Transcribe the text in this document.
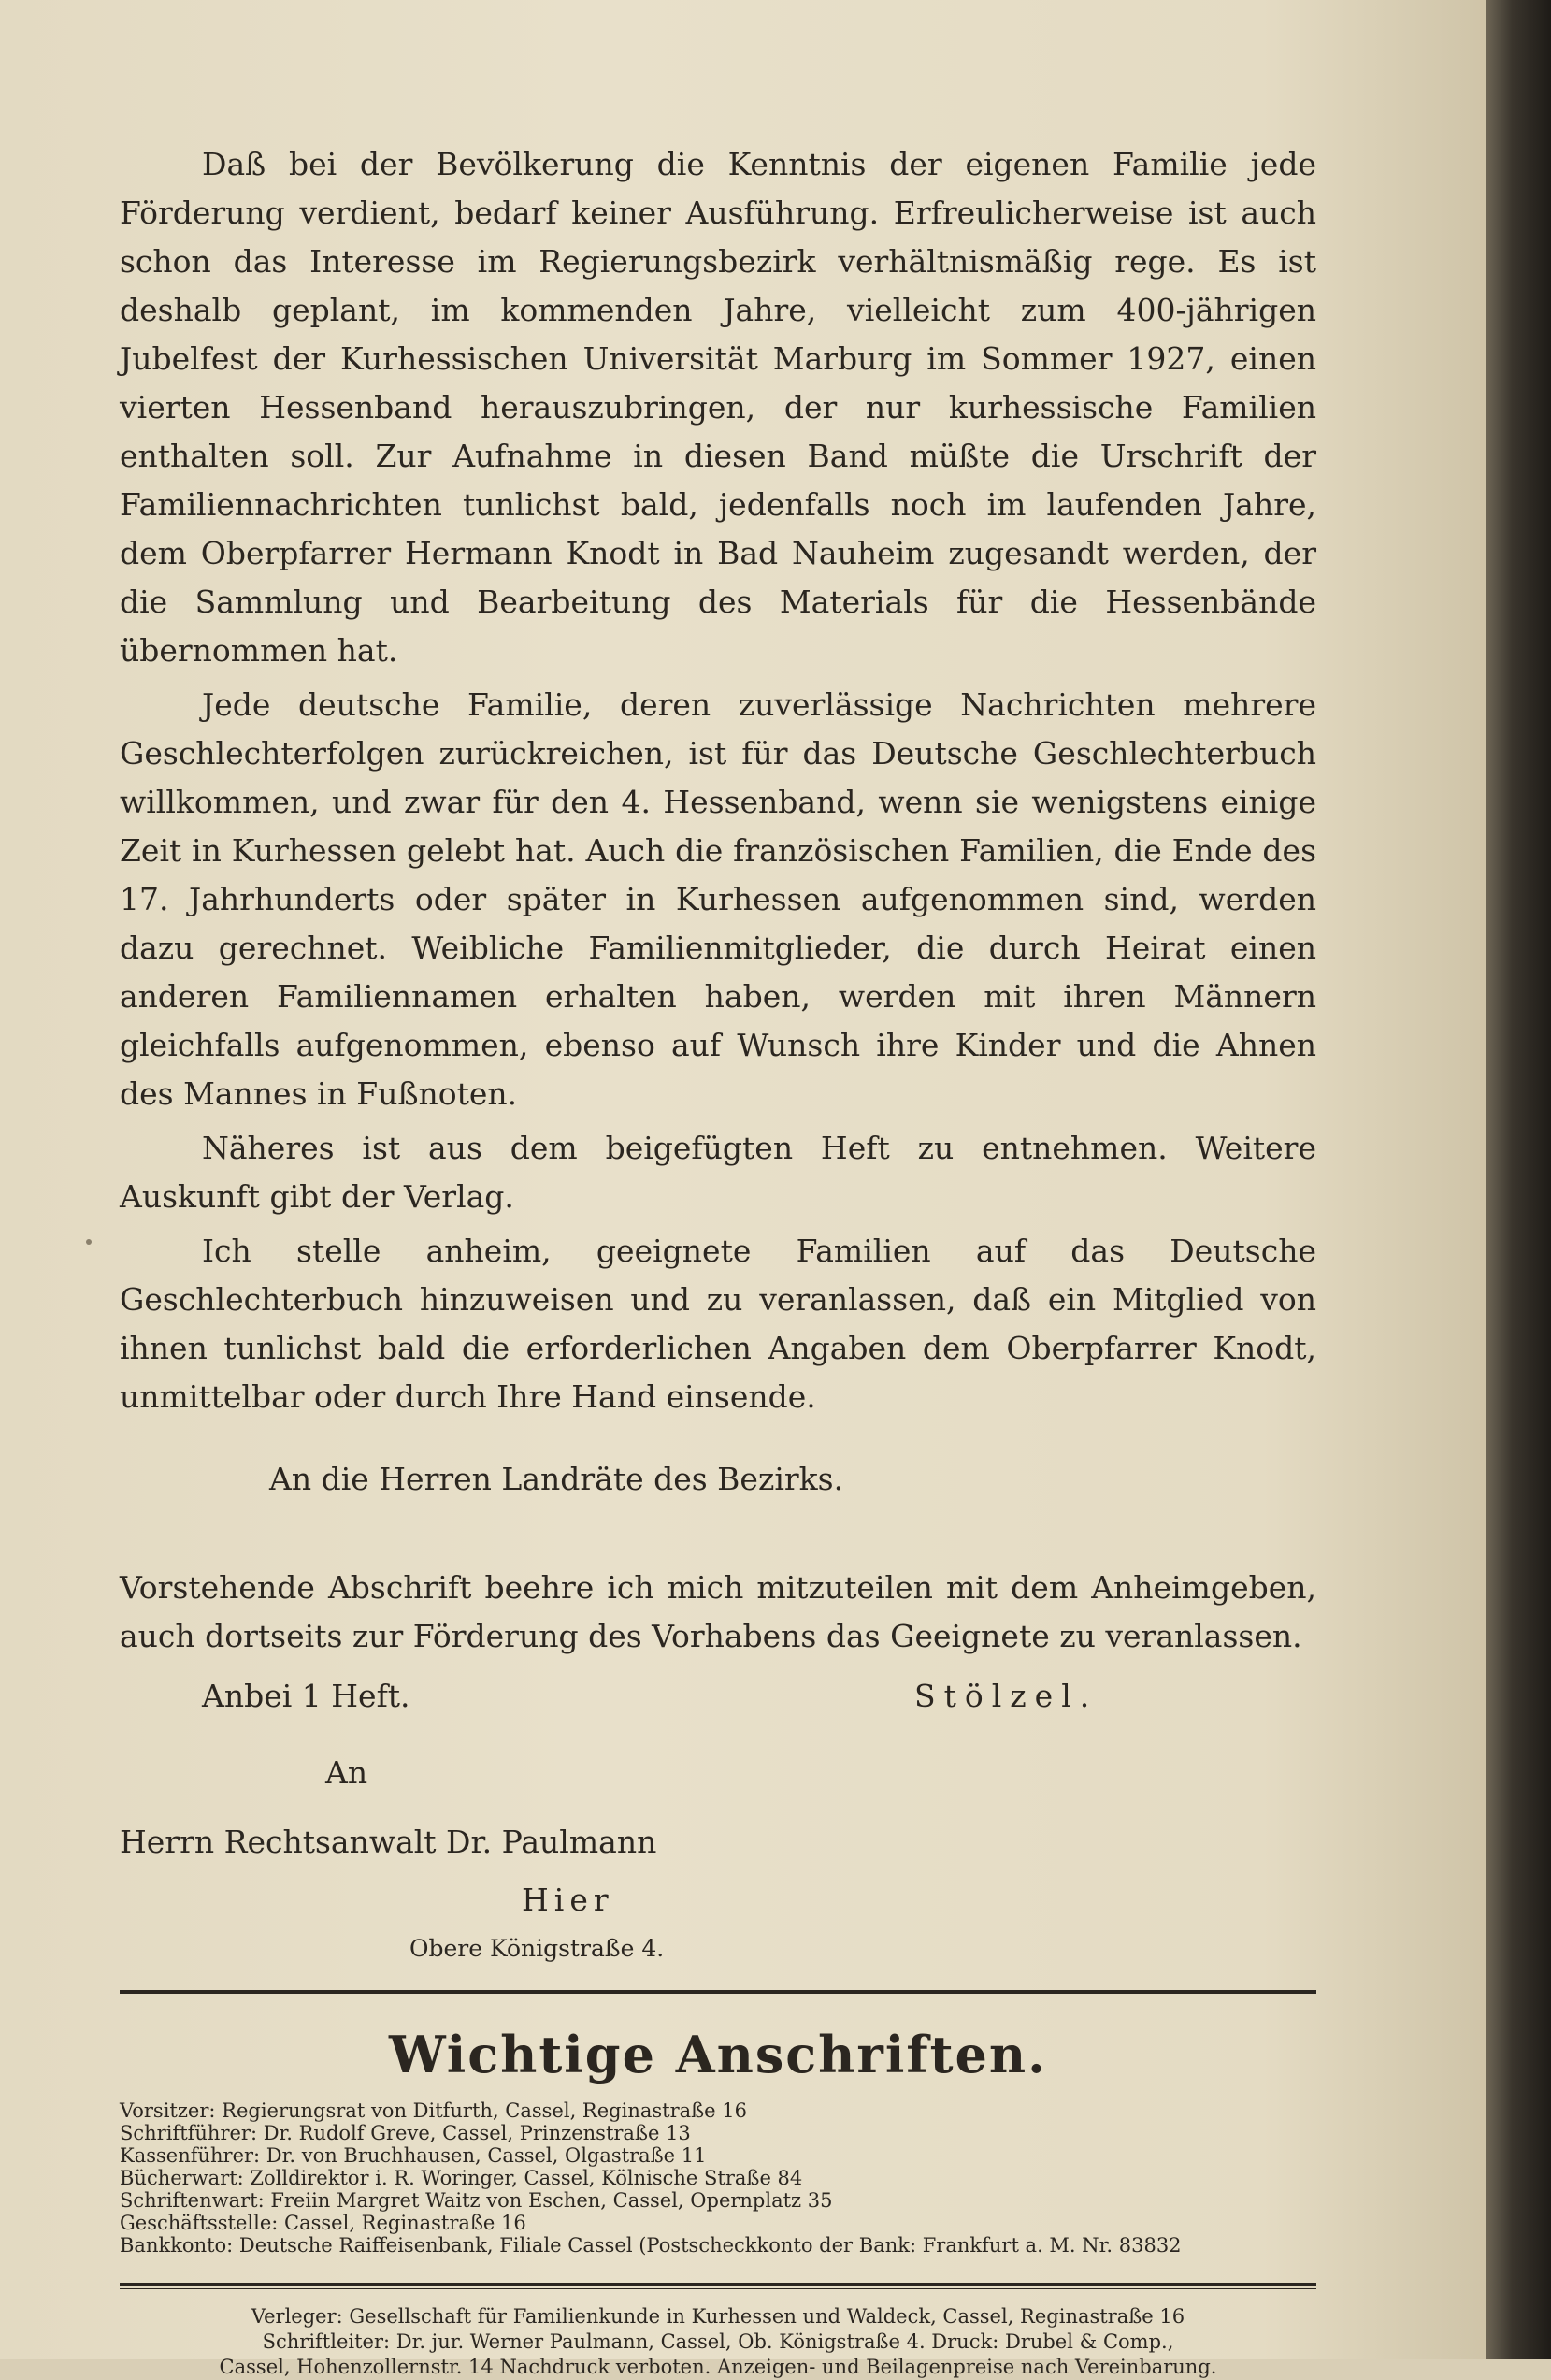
Daß bei der Bevölkerung die Kenntnis der eigenen Familie jede Förderung verdient, bedarf keiner Ausführung. Erfreulicherweise ist auch schon das Interesse im Regierungsbezirk verhältnismäßig rege. Es ist deshalb geplant, im kommenden Jahre, vielleicht zum 400-jährigen Jubelfest der Kurhessischen Universität Marburg im Sommer 1927, einen vierten Hessenband herauszubringen, der nur kurhessische Familien enthalten soll. Zur Aufnahme in diesen Band müßte die Urschrift der Familiennachrichten tunlichst bald, jedenfalls noch im laufenden Jahre, dem Oberpfarrer Hermann Knodt in Bad Nauheim zugesandt werden, der die Sammlung und Bearbeitung des Materials für die Hessenbände übernommen hat.

Jede deutsche Familie, deren zuverlässige Nachrichten mehrere Geschlechterfolgen zurückreichen, ist für das Deutsche Geschlechterbuch willkommen, und zwar für den 4. Hessenband, wenn sie wenigstens einige Zeit in Kurhessen gelebt hat. Auch die französischen Familien, die Ende des 17. Jahrhunderts oder später in Kurhessen aufgenommen sind, werden dazu gerechnet. Weibliche Familienmitglieder, die durch Heirat einen anderen Familiennamen erhalten haben, werden mit ihren Männern gleichfalls aufgenommen, ebenso auf Wunsch ihre Kinder und die Ahnen des Mannes in Fußnoten.

Näheres ist aus dem beigefügten Heft zu entnehmen. Weitere Auskunft gibt der Verlag.

Ich stelle anheim, geeignete Familien auf das Deutsche Geschlechterbuch hinzuweisen und zu veranlassen, daß ein Mitglied von ihnen tunlichst bald die erforderlichen Angaben dem Oberpfarrer Knodt, unmittelbar oder durch Ihre Hand einsende.

An die Herren Landräte des Bezirks.

Vorstehende Abschrift beehre ich mich mitzuteilen mit dem Anheimgeben, auch dortseits zur Förderung des Vorhabens das Geeignete zu veranlassen.

Anbei 1 Heft.	Stölzel.
An
Herrn Rechtsanwalt Dr. Paulmann
Hier
Obere Königstraße 4.
Wichtige Anschriften.
Vorsitzer: Regierungsrat von Ditfurth, Cassel, Reginastraße 16
Schriftführer: Dr. Rudolf Greve, Cassel, Prinzenstraße 13
Kassenführer: Dr. von Bruchhausen, Cassel, Olgastraße 11
Bücherwart: Zolldirektor i. R. Woringer, Cassel, Kölnische Straße 84
Schriftenwart: Freiin Margret Waitz von Eschen, Cassel, Opernplatz 35
Geschäftsstelle: Cassel, Reginastraße 16
Bankkonto: Deutsche Raiffeisenbank, Filiale Cassel (Postscheckkonto der Bank: Frankfurt a. M. Nr. 83832
Verleger: Gesellschaft für Familienkunde in Kurhessen und Waldeck, Cassel, Reginastraße 16
Schriftleiter: Dr. jur. Werner Paulmann, Cassel, Ob. Königstraße 4. Druck: Drubel & Comp.,
Cassel, Hohenzollernstr. 14 Nachdruck verboten. Anzeigen- und Beilagenpreise nach Vereinbarung.
